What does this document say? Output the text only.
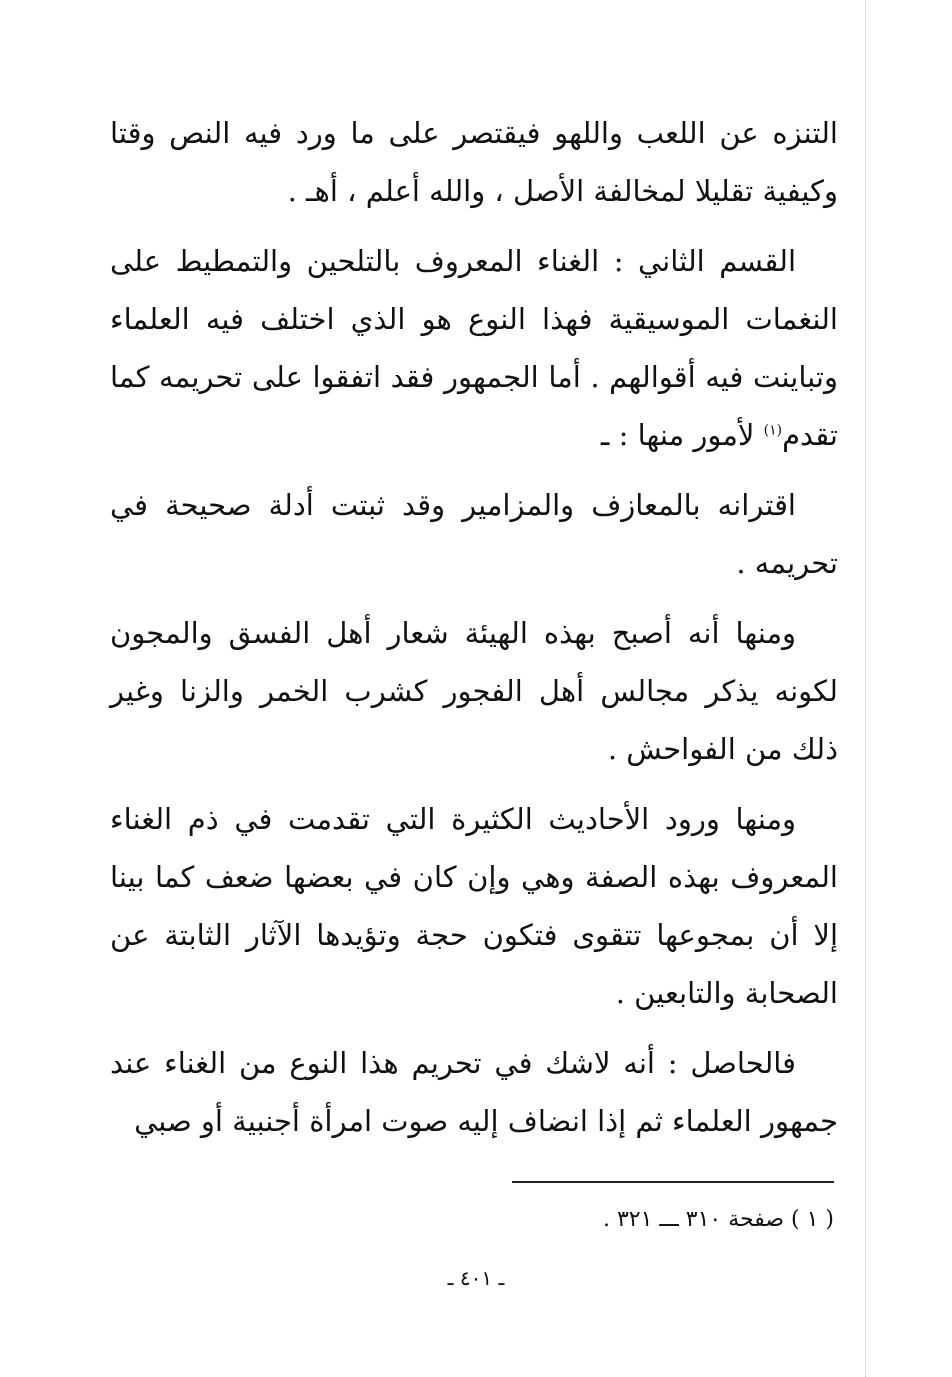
التنزه عن اللعب واللهو فيقتصر على ما ورد فيه النص وقتا وكيفية تقليلا لمخالفة الأصل ، والله أعلم ، أهـ .

القسم الثاني : الغناء المعروف بالتلحين والتمطيط على النغمات الموسيقية فهذا النوع هو الذي اختلف فيه العلماء وتباينت فيه أقوالهم . أما الجمهور فقد اتفقوا على تحريمه كما تقدم$^{(١)}$ لأمور منها : ـ

اقترانه بالمعازف والمزامير وقد ثبتت أدلة صحيحة في تحريمه .

ومنها أنه أصبح بهذه الهيئة شعار أهل الفسق والمجون لكونه يذكر مجالس أهل الفجور كشرب الخمر والزنا وغير ذلك من الفواحش .

ومنها ورود الأحاديث الكثيرة التي تقدمت في ذم الغناء المعروف بهذه الصفة وهي وإن كان في بعضها ضعف كما بينا إلا أن بمجوعها تتقوى فتكون حجة وتؤيدها الآثار الثابتة عن الصحابة والتابعين .

فالحاصل : أنه لاشك في تحريم هذا النوع من الغناء عند جمهور العلماء ثم إذا انضاف إليه صوت امرأة أجنبية أو صبي

( ١ ) صفحة ٣١٠ ـــ ٣٢١ .
ـ ٤٠١ ـ
